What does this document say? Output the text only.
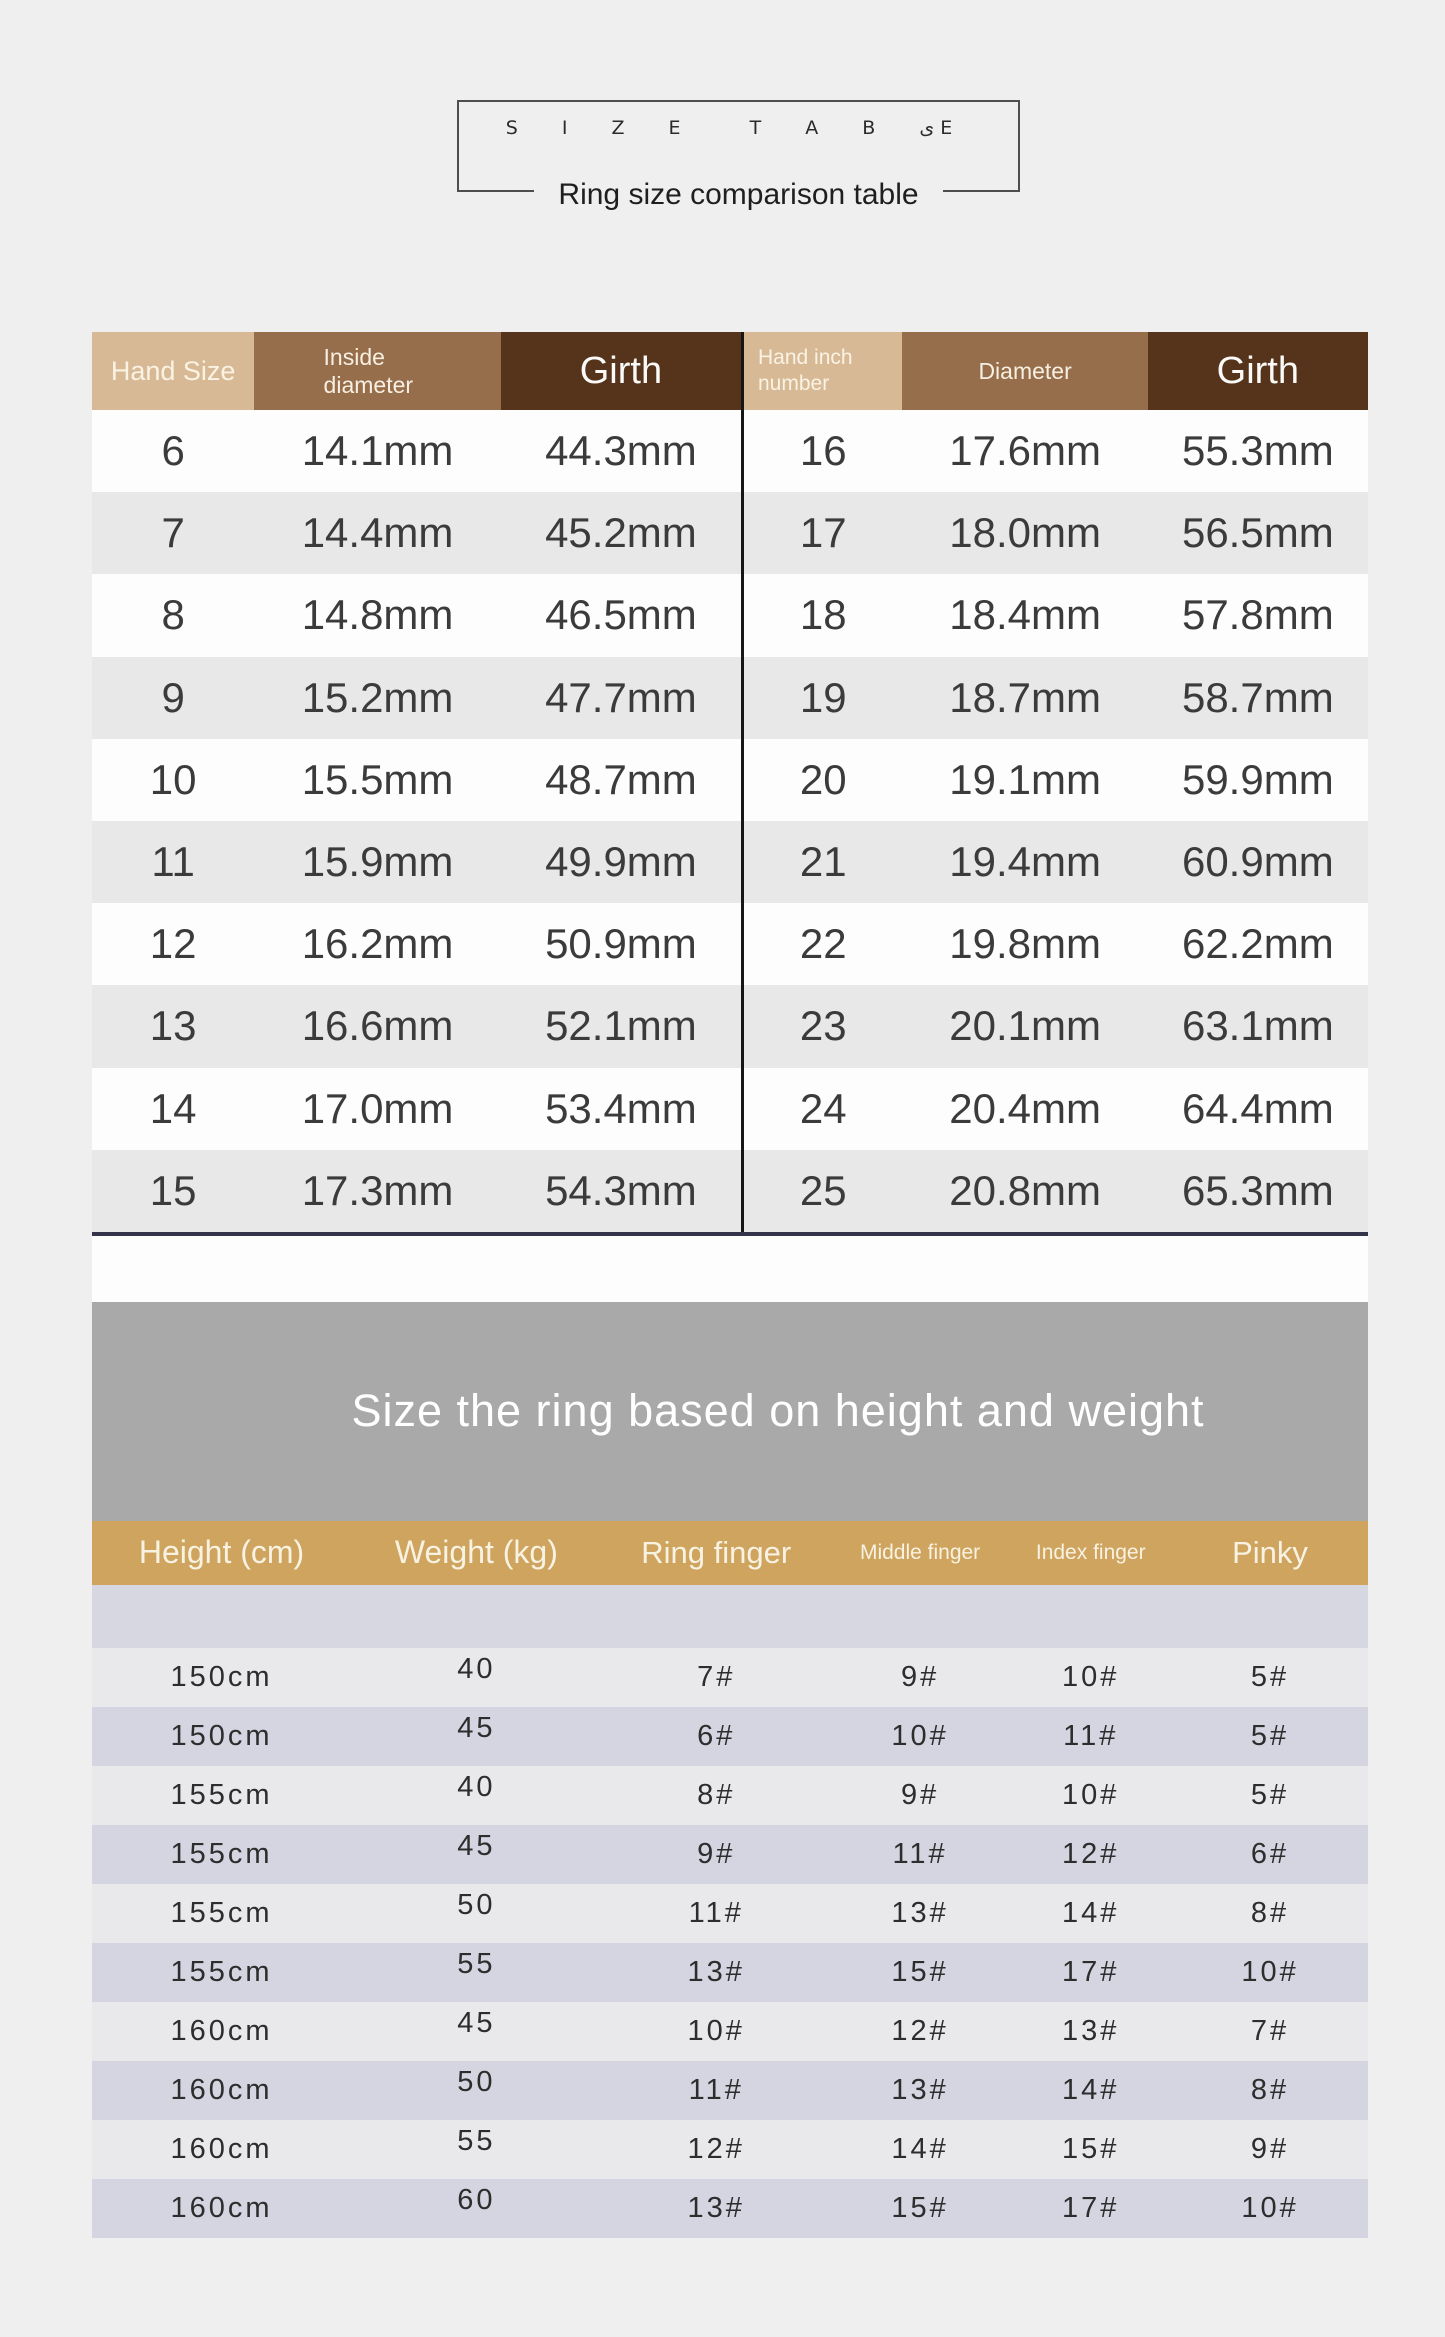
S I Z E  T A B ى E
Ring size comparison table
Hand Size	Inside diameter	Girth
6	14.1mm	44.3mm
7	14.4mm	45.2mm
8	14.8mm	46.5mm
9	15.2mm	47.7mm
10	15.5mm	48.7mm
11	15.9mm	49.9mm
12	16.2mm	50.9mm
13	16.6mm	52.1mm
14	17.0mm	53.4mm
15	17.3mm	54.3mm
Hand inch number	Diameter	Girth
16	17.6mm	55.3mm
17	18.0mm	56.5mm
18	18.4mm	57.8mm
19	18.7mm	58.7mm
20	19.1mm	59.9mm
21	19.4mm	60.9mm
22	19.8mm	62.2mm
23	20.1mm	63.1mm
24	20.4mm	64.4mm
25	20.8mm	65.3mm
Size the ring based on height and weight
Height (cm)	Weight (kg)	Ring finger	Middle finger	Index finger	Pinky
150cm	40	7#	9#	10#	5#
150cm	45	6#	10#	11#	5#
155cm	40	8#	9#	10#	5#
155cm	45	9#	11#	12#	6#
155cm	50	11#	13#	14#	8#
155cm	55	13#	15#	17#	10#
160cm	45	10#	12#	13#	7#
160cm	50	11#	13#	14#	8#
160cm	55	12#	14#	15#	9#
160cm	60	13#	15#	17#	10#
